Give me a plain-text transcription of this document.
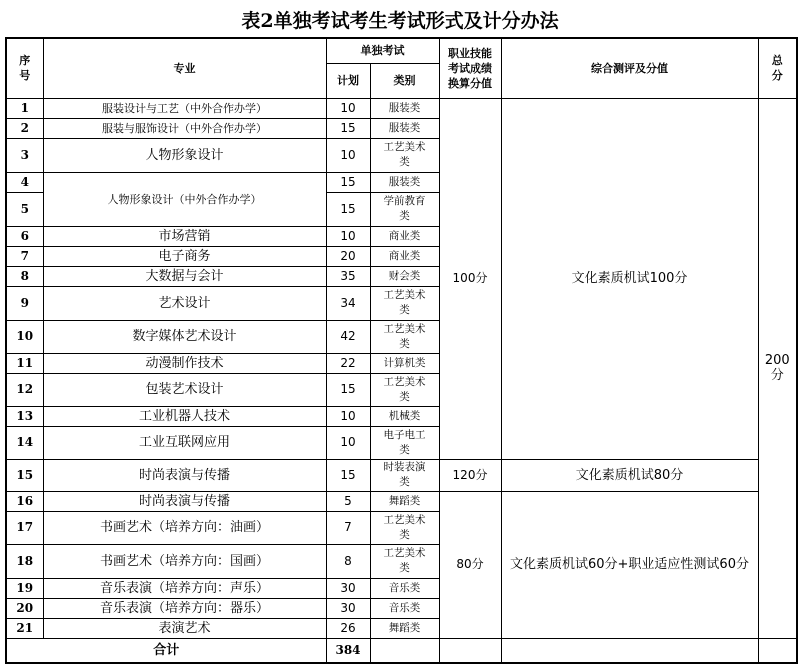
表2单独考试考生考试形式及计分办法
序号	专业	单独考试		职业技能考试成绩换算分值	综合测评及分值	总分
		计划	类别			
1	服装设计与工艺（中外合作办学）	10	服装类	100分	文化素质机试100分	200分
2	服装与服饰设计（中外合作办学）	15	服装类			
3	人物形象设计	10	工艺美术类			
4	人物形象设计（中外合作办学）	15	服装类			
5		15	学前教育类			
6	市场营销	10	商业类			
7	电子商务	20	商业类			
8	大数据与会计	35	财会类			
9	艺术设计	34	工艺美术类			
10	数字媒体艺术设计	42	工艺美术类			
11	动漫制作技术	22	计算机类			
12	包装艺术设计	15	工艺美术类			
13	工业机器人技术	10	机械类			
14	工业互联网应用	10	电子电工类			
15	时尚表演与传播	15	时装表演类	120分	文化素质机试80分	
16	时尚表演与传播	5	舞蹈类	80分	文化素质机试60分+职业适应性测试60分	
17	书画艺术（培养方向：油画）	7	工艺美术类			
18	书画艺术（培养方向：国画）	8	工艺美术类			
19	音乐表演（培养方向：声乐）	30	音乐类			
20	音乐表演（培养方向：器乐）	30	音乐类			
21	表演艺术	26	舞蹈类			
合计		384				
